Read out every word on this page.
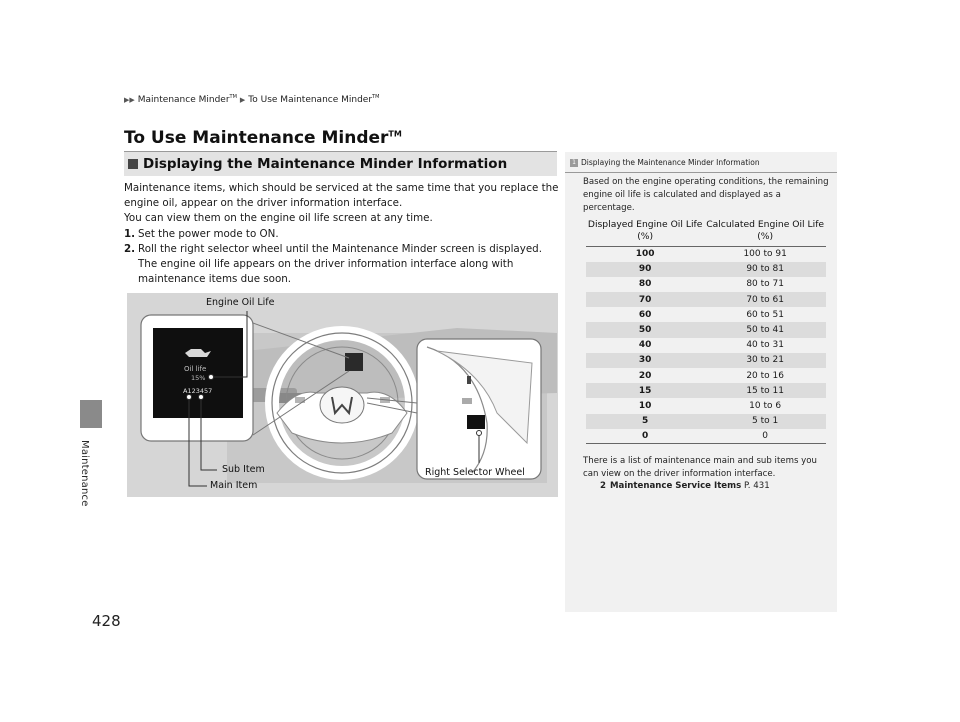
Maintenance
428
▶▶ Maintenance Minder™ ▶ To Use Maintenance Minder™
To Use Maintenance Minder™
Displaying the Maintenance Minder Information

Maintenance items, which should be serviced at the same time that you replace the engine oil, appear on the driver information interface.

You can view them on the engine oil life screen at any time.

1. Set the power mode to ON.
2. Roll the right selector wheel until the Maintenance Minder screen is displayed. The engine oil life appears on the driver information interface along with maintenance items due soon.
Oil life
15%
A123457
Engine Oil Life
Sub Item
Main Item
Right Selector Wheel
1 Displaying the Maintenance Minder Information
Based on the engine operating conditions, the remaining engine oil life is calculated and displayed as a percentage.
Displayed Engine Oil Life (%)	Calculated Engine Oil Life (%)
100	100 to 91
90	90 to 81
80	80 to 71
70	70 to 61
60	60 to 51
50	50 to 41
40	40 to 31
30	30 to 21
20	20 to 16
15	15 to 11
10	10 to 6
5	5 to 1
0	0
There is a list of maintenance main and sub items you can view on the driver information interface.
2 Maintenance Service Items P. 431
